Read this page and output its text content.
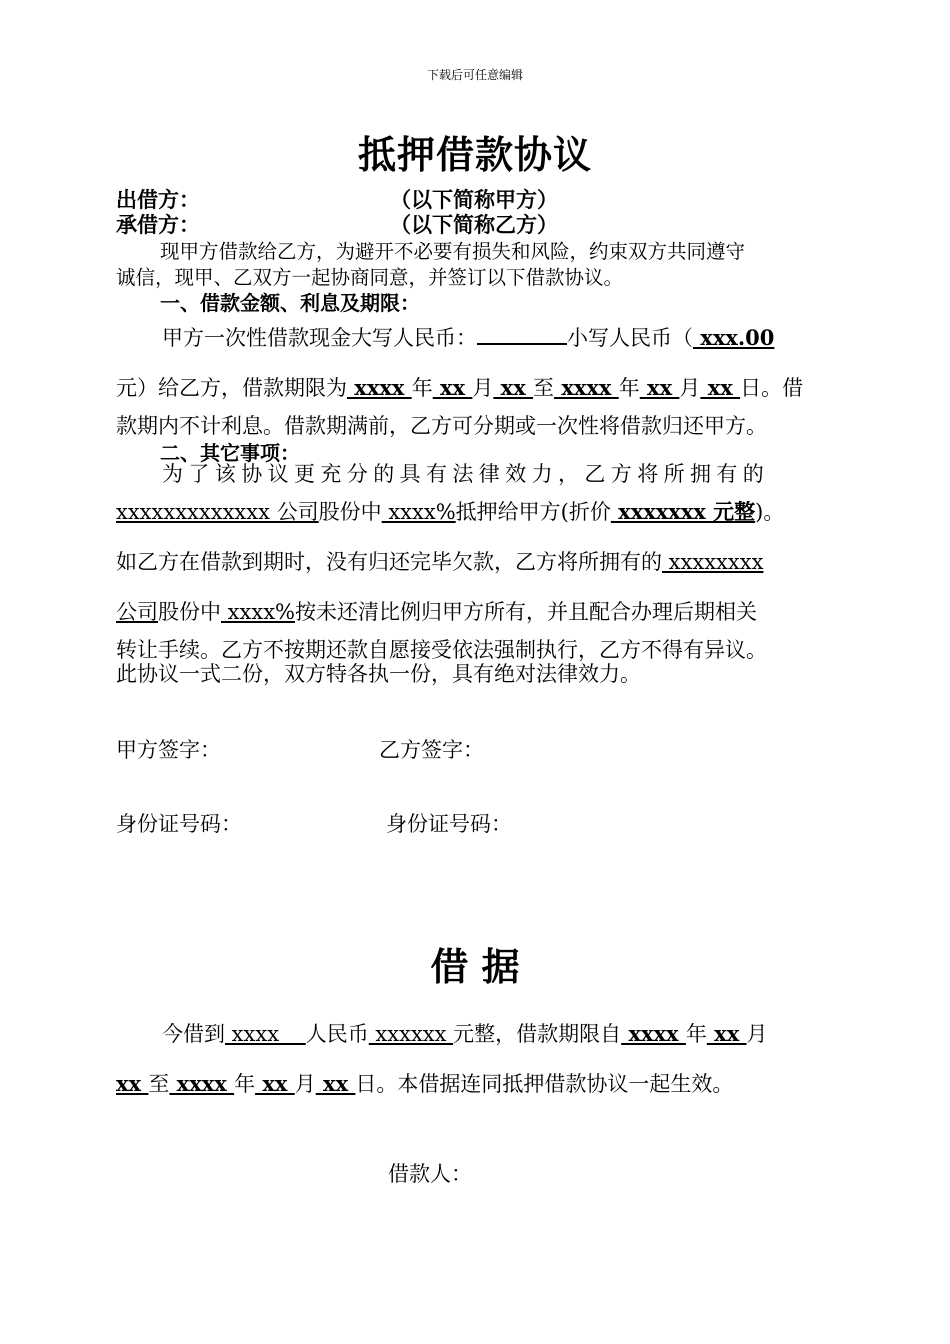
下载后可任意编辑
抵押借款协议
出借方：	（以下简称甲方）
承借方：	（以下简称乙方）
现甲方借款给乙方，为避开不必要有损失和风险，约束双方共同遵守
诚信，现甲、乙双方一起协商同意，并签订以下借款协议。
一、借款金额、利息及期限：
甲方一次性借款现金大写人民币：	小写人民币（ xxx.00
元）给乙方，借款期限为 xxxx 年 xx 月 xx 至 xxxx 年 xx 月 xx 日。借
款期内不计利息。借款期满前，乙方可分期或一次性将借款归还甲方。
二、其它事项：
为了该协议更充分的具有法律效力，乙方将所拥有的
xxxxxxxxxxxxx 公司股份中 xxxx%抵押给甲方(折价 xxxxxxx 元整)。
如乙方在借款到期时，没有归还完毕欠款，乙方将所拥有的 xxxxxxxx
公司股份中 xxxx%按未还清比例归甲方所有，并且配合办理后期相关
转让手续。乙方不按期还款自愿接受依法强制执行，乙方不得有异议。
此协议一式二份，双方特各执一份，具有绝对法律效力。
甲方签字：	乙方签字：
身份证号码：	身份证号码：
借 据
今借到 xxxx    人民币 xxxxxx 元整，借款期限自 xxxx 年 xx 月
xx 至 xxxx 年 xx 月 xx 日。本借据连同抵押借款协议一起生效。
借款人：
